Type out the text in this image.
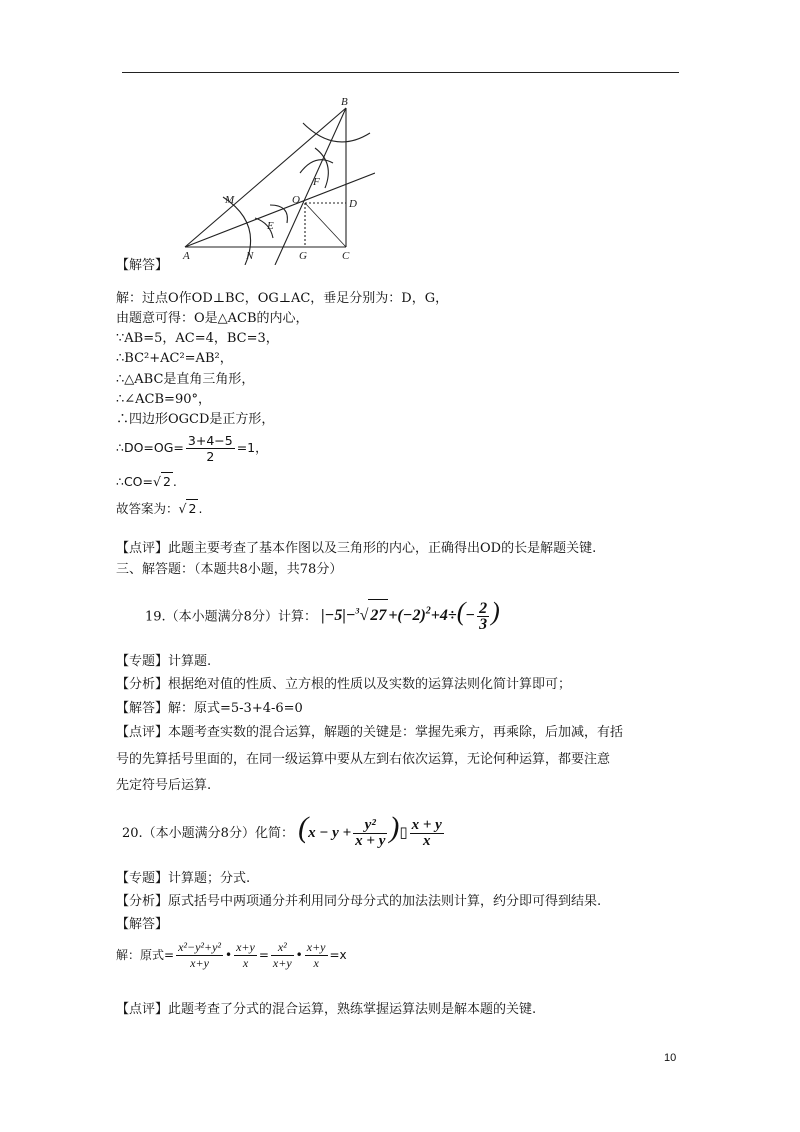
B
M	O
F
D
E
A	N	G	C
【解答】
解：过点O作OD⊥BC，OG⊥AC，垂足分别为：D，G，
由题意可得：O是△ACB的内心，
∵AB=5，AC=4，BC=3，
∴BC²+AC²=AB²，
∴△ABC是直角三角形，
∴∠ACB=90°，
∴四边形OGCD是正方形，
∴DO=OG= $\frac{3+4-5}{2} =1$，
∴CO=√ 2 .
故答案为：√ 2 .
【点评】此题主要考查了基本作图以及三角形的内心，正确得出OD的长是解题关键.
三、解答题：（本题共8小题，共78分）
19.（本小题满分8分）计算： |−5|−$^3$√ $27 +(-2)^2+4\div(- \frac{2}{3}$ )
【专题】计算题.
【分析】根据绝对值的性质、立方根的性质以及实数的运算法则化简计算即可；
【解答】解：原式=5-3+4-6=0
【点评】本题考查实数的混合运算，解题的关键是：掌握先乘方，再乘除，后加减，有括
号的先算括号里面的，在同一级运算中要从左到右依次运算，无论何种运算，都要注意
先定符号后运算.
20.（本小题满分8分）化简： ($x - y + \frac{\text{y²}}{x + y}$ )▯ $\frac{x + y}{x}$
【专题】计算题；分式.
【分析】原式括号中两项通分并利用同分母分式的加法法则计算，约分即可得到结果.
【解答】
解：原式= $\frac{\text{x²−y²+y²}}{x+y}$ • $\frac{x+y}{x} = \frac{\text{x²}}{x+y}$ • $\frac{x+y}{x} =x$
【点评】此题考查了分式的混合运算，熟练掌握运算法则是解本题的关键.
10
